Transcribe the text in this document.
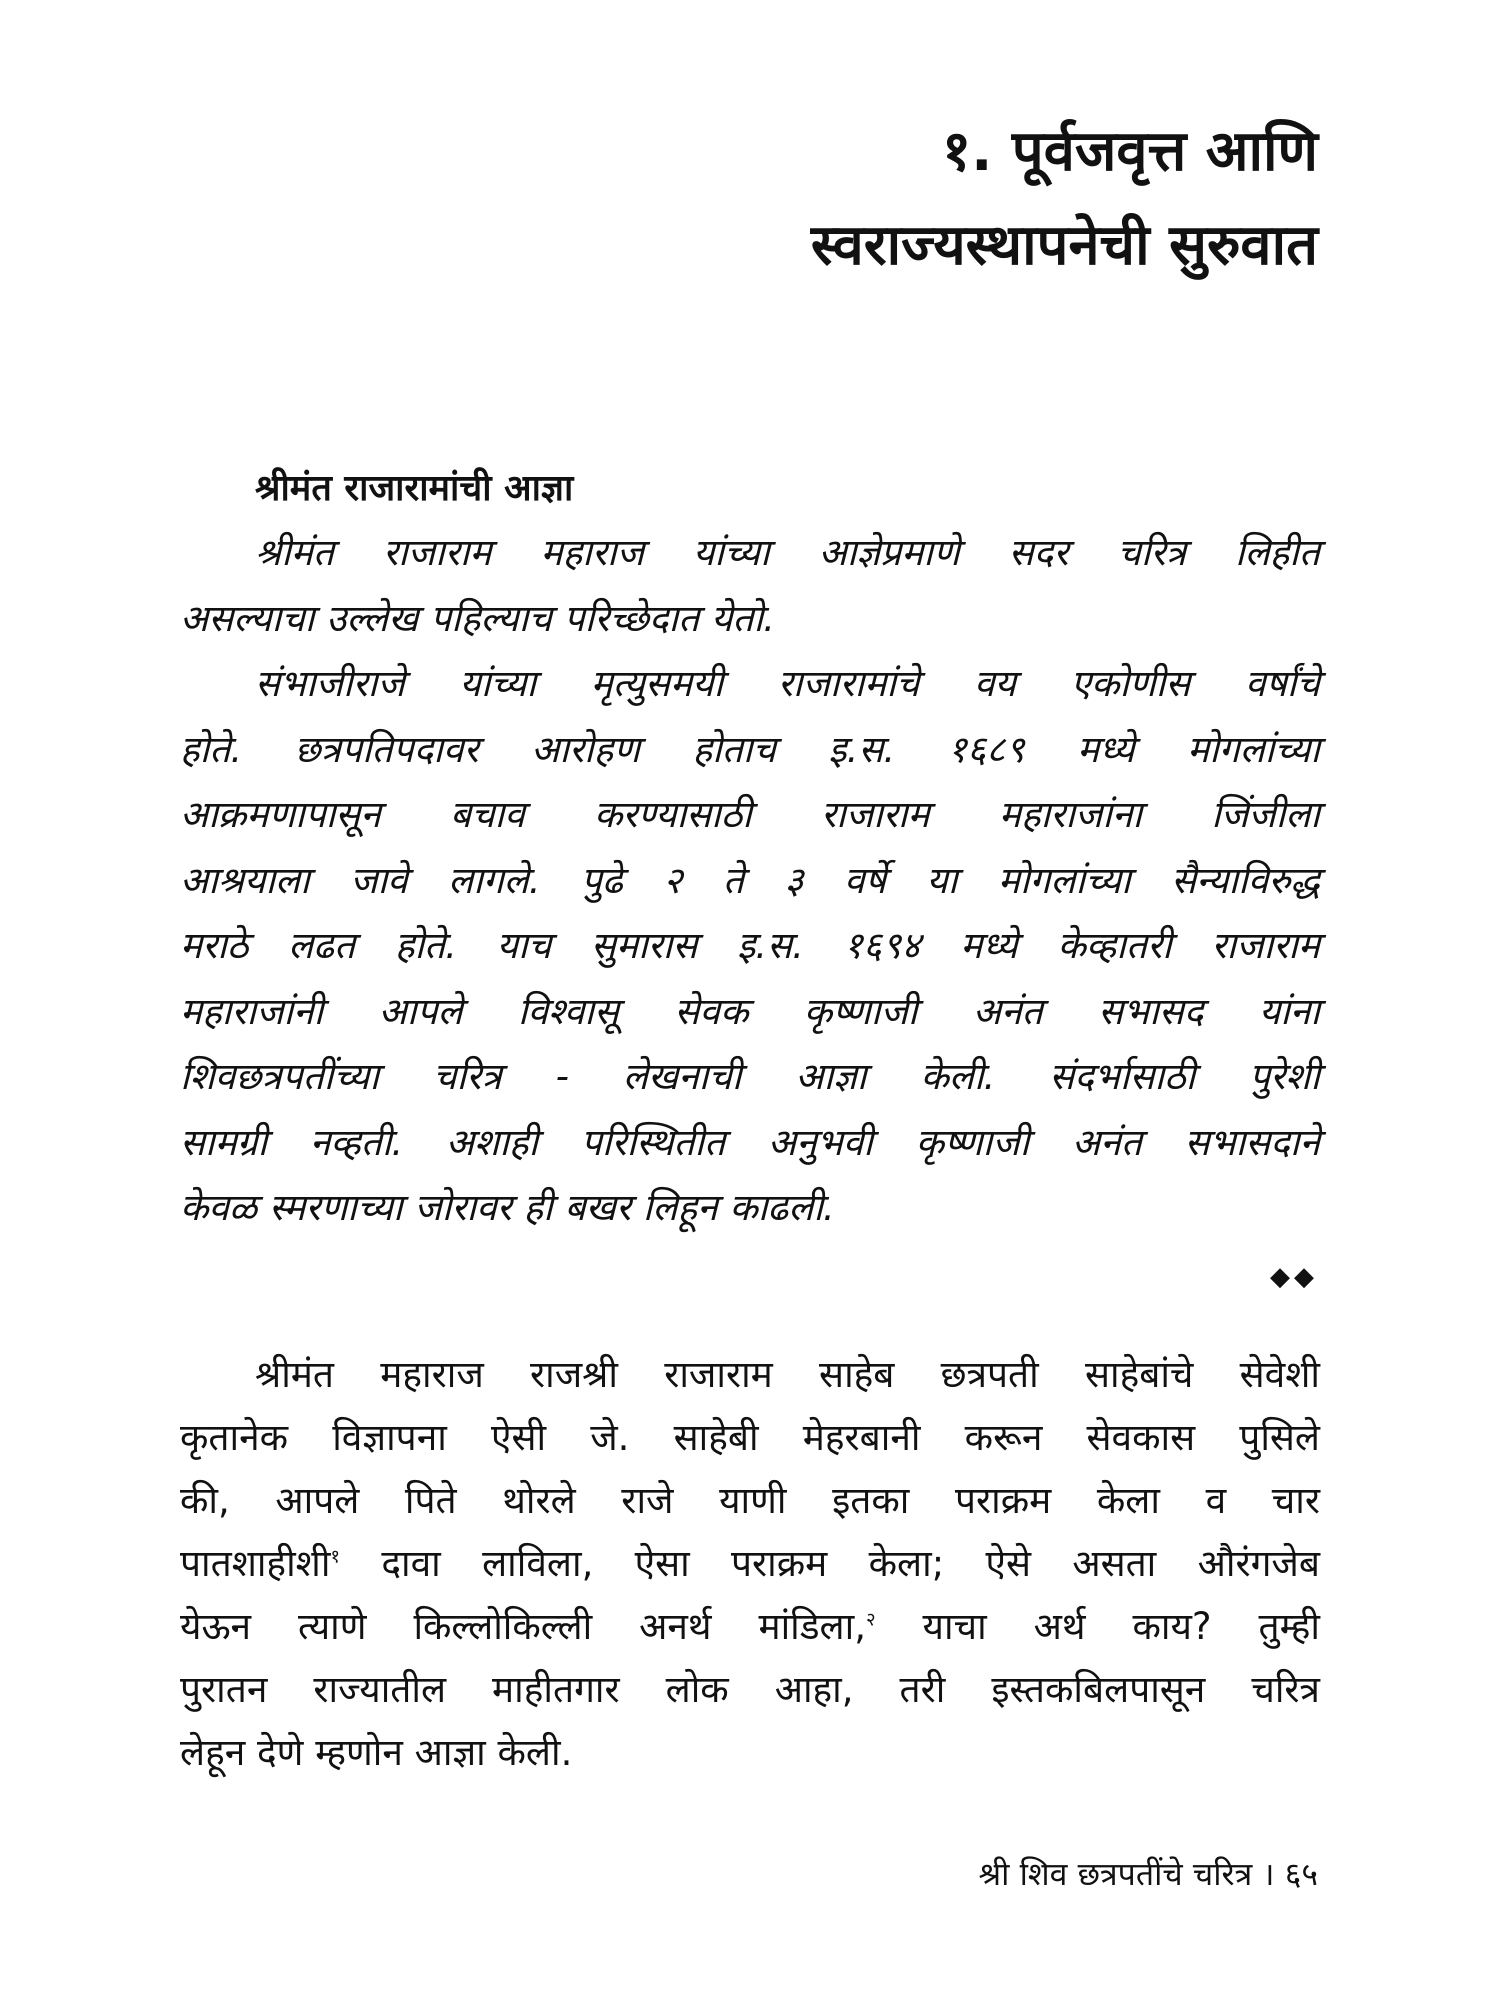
१. पूर्वजवृत्त आणि
स्वराज्यस्थापनेची सुरुवात
श्रीमंत राजारामांची आज्ञा
श्रीमंत राजाराम महाराज यांच्या आज्ञेप्रमाणे सदर चरित्र लिहीत
असल्याचा उल्लेख पहिल्याच परिच्छेदात येतो.
संभाजीराजे यांच्या मृत्युसमयी राजारामांचे वय एकोणीस वर्षांचे
होते. छत्रपतिपदावर आरोहण होताच इ.स. १६८९ मध्ये मोगलांच्या
आक्रमणापासून बचाव करण्यासाठी राजाराम महाराजांना जिंजीला
आश्रयाला जावे लागले. पुढे २ ते ३ वर्षे या मोगलांच्या सैन्याविरुद्ध
मराठे लढत होते. याच सुमारास इ.स. १६९४ मध्ये केव्हातरी राजाराम
महाराजांनी आपले विश्वासू सेवक कृष्णाजी अनंत सभासद यांना
शिवछत्रपतींच्या चरित्र - लेखनाची आज्ञा केली. संदर्भासाठी पुरेशी
सामग्री नव्हती. अशाही परिस्थितीत अनुभवी कृष्णाजी अनंत सभासदाने
केवळ स्मरणाच्या जोरावर ही बखर लिहून काढली.

◆◆

श्रीमंत महाराज राजश्री राजाराम साहेब छत्रपती साहेबांचे सेवेशी
कृतानेक विज्ञापना ऐसी जे. साहेबी मेहरबानी करून सेवकास पुसिले
की, आपले पिते थोरले राजे याणी इतका पराक्रम केला व चार
पातशाहीशी$^१$ दावा लाविला, ऐसा पराक्रम केला; ऐसे असता औरंगजेब
येऊन त्याणे किल्लोकिल्ली अनर्थ मांडिला,$^२$ याचा अर्थ काय? तुम्ही
पुरातन राज्यातील माहीतगार लोक आहा, तरी इस्तकबिलपासून चरित्र
लेहून देणे म्हणोन आज्ञा केली.

श्री शिव छत्रपतींचे चरित्र । ६५
